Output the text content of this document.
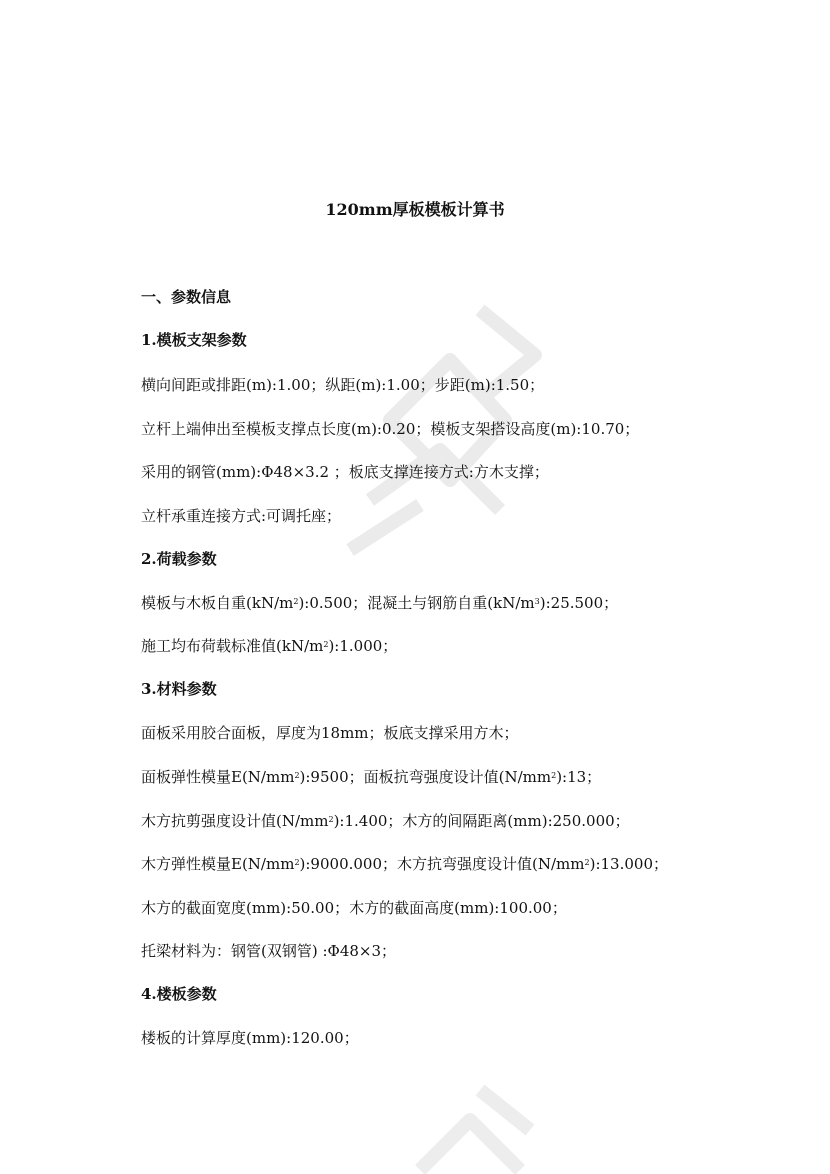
120mm厚板模板计算书
一、参数信息
1.模板支架参数
横向间距或排距(m):1.00；纵距(m):1.00；步距(m):1.50；
立杆上端伸出至模板支撑点长度(m):0.20；模板支架搭设高度(m):10.70；
采用的钢管(mm):Φ48×3.2 ；板底支撑连接方式:方木支撑；
立杆承重连接方式:可调托座；
2.荷载参数
模板与木板自重$(kN/m^2):0.500$；混凝土与钢筋自重$(kN/m^3):25.500$；
施工均布荷载标准值$(kN/m^2):1.000$；
3.材料参数
面板采用胶合面板，厚度为18mm；板底支撑采用方木；
面板弹性模量$E(N/mm^2):9500$；面板抗弯强度设计值$(N/mm^2):13$；
木方抗剪强度设计值$(N/mm^2):1.400$；木方的间隔距离(mm):250.000；
木方弹性模量$E(N/mm^2):9000.000$；木方抗弯强度设计值$(N/mm^2):13.000$；
木方的截面宽度(mm):50.00；木方的截面高度(mm):100.00；
托梁材料为：钢管(双钢管) :Φ48×3；
4.楼板参数
楼板的计算厚度(mm):120.00；
